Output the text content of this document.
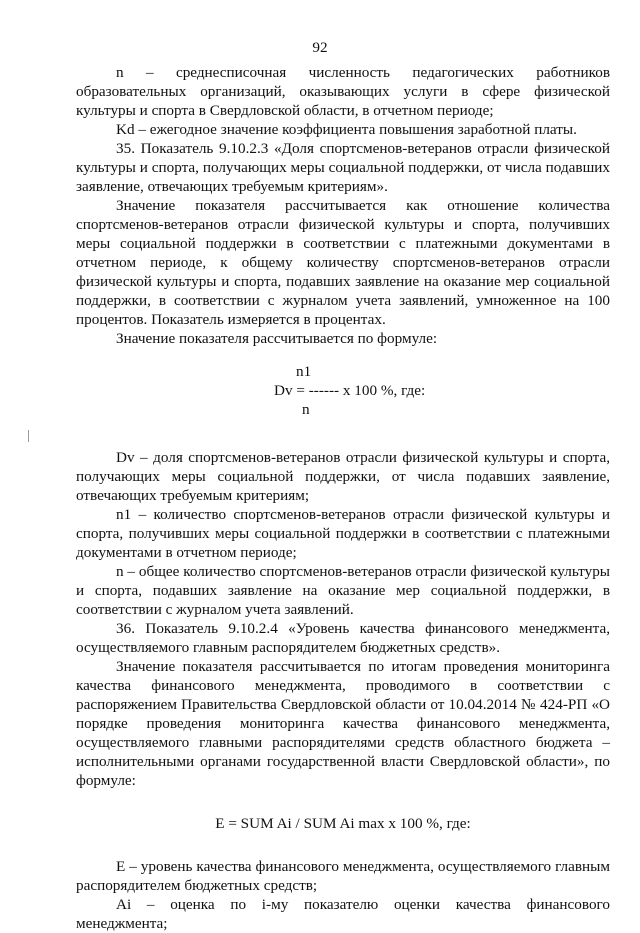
92

n – среднесписочная численность педагогических работников образовательных организаций, оказывающих услуги в сфере физической культуры и спорта в Свердловской области, в отчетном периоде;

Kd – ежегодное значение коэффициента повышения заработной платы.

35. Показатель 9.10.2.3 «Доля спортсменов-ветеранов отрасли физической культуры и спорта, получающих меры социальной поддержки, от числа подавших заявление, отвечающих требуемым критериям».

Значение показателя рассчитывается как отношение количества спортсменов-ветеранов отрасли физической культуры и спорта, получивших меры социальной поддержки в соответствии с платежными документами в отчетном периоде, к общему количеству спортсменов-ветеранов отрасли физической культуры и спорта, подавших заявление на оказание мер социальной поддержки, в соответствии с журналом учета заявлений, умноженное на 100 процентов. Показатель измеряется в процентах.

Значение показателя рассчитывается по формуле:

n1
Dv = ------ x 100 %, где:
n

Dv – доля спортсменов-ветеранов отрасли физической культуры и спорта, получающих меры социальной поддержки, от числа подавших заявление, отвечающих требуемым критериям;

n1 – количество спортсменов-ветеранов отрасли физической культуры и спорта, получивших меры социальной поддержки в соответствии с платежными документами в отчетном периоде;

n – общее количество спортсменов-ветеранов отрасли физической культуры и спорта, подавших заявление на оказание мер социальной поддержки, в соответствии с журналом учета заявлений.

36. Показатель 9.10.2.4 «Уровень качества финансового менеджмента, осуществляемого главным распорядителем бюджетных средств».

Значение показателя рассчитывается по итогам проведения мониторинга качества финансового менеджмента, проводимого в соответствии с распоряжением Правительства Свердловской области от 10.04.2014 № 424-РП «О порядке проведения мониторинга качества финансового менеджмента, осуществляемого главными распорядителями средств областного бюджета – исполнительными органами государственной власти Свердловской области», по формуле:

E = SUM Ai / SUM Ai max x 100 %, где:

E – уровень качества финансового менеджмента, осуществляемого главным распорядителем бюджетных средств;

Ai – оценка по i-му показателю оценки качества финансового менеджмента;
